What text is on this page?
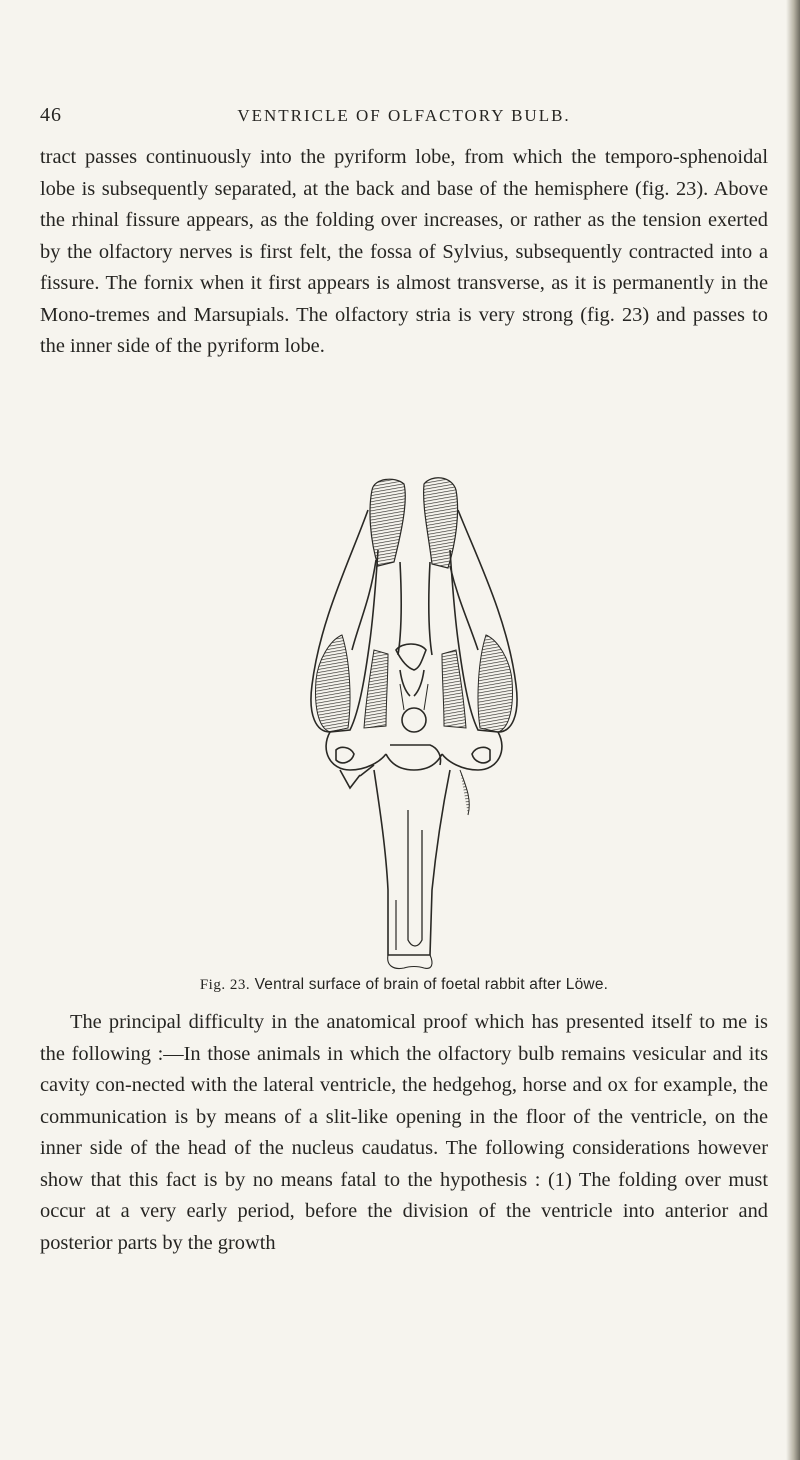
46	VENTRICLE OF OLFACTORY BULB.

tract passes continuously into the pyriform lobe, from which the temporo-sphenoidal lobe is subsequently separated, at the back and base of the hemisphere (fig. 23). Above the rhinal fissure appears, as the folding over increases, or rather as the tension exerted by the olfactory nerves is first felt, the fossa of Sylvius, subsequently contracted into a fissure. The fornix when it first appears is almost transverse, as it is permanently in the Mono-tremes and Marsupials. The olfactory stria is very strong (fig. 23) and passes to the inner side of the pyriform lobe.

Fig. 23. Ventral surface of brain of foetal rabbit after Löwe.

The principal difficulty in the anatomical proof which has presented itself to me is the following :—In those animals in which the olfactory bulb remains vesicular and its cavity con-nected with the lateral ventricle, the hedgehog, horse and ox for example, the communication is by means of a slit-like opening in the floor of the ventricle, on the inner side of the head of the nucleus caudatus. The following considerations however show that this fact is by no means fatal to the hypothesis : (1) The folding over must occur at a very early period, before the division of the ventricle into anterior and posterior parts by the growth
